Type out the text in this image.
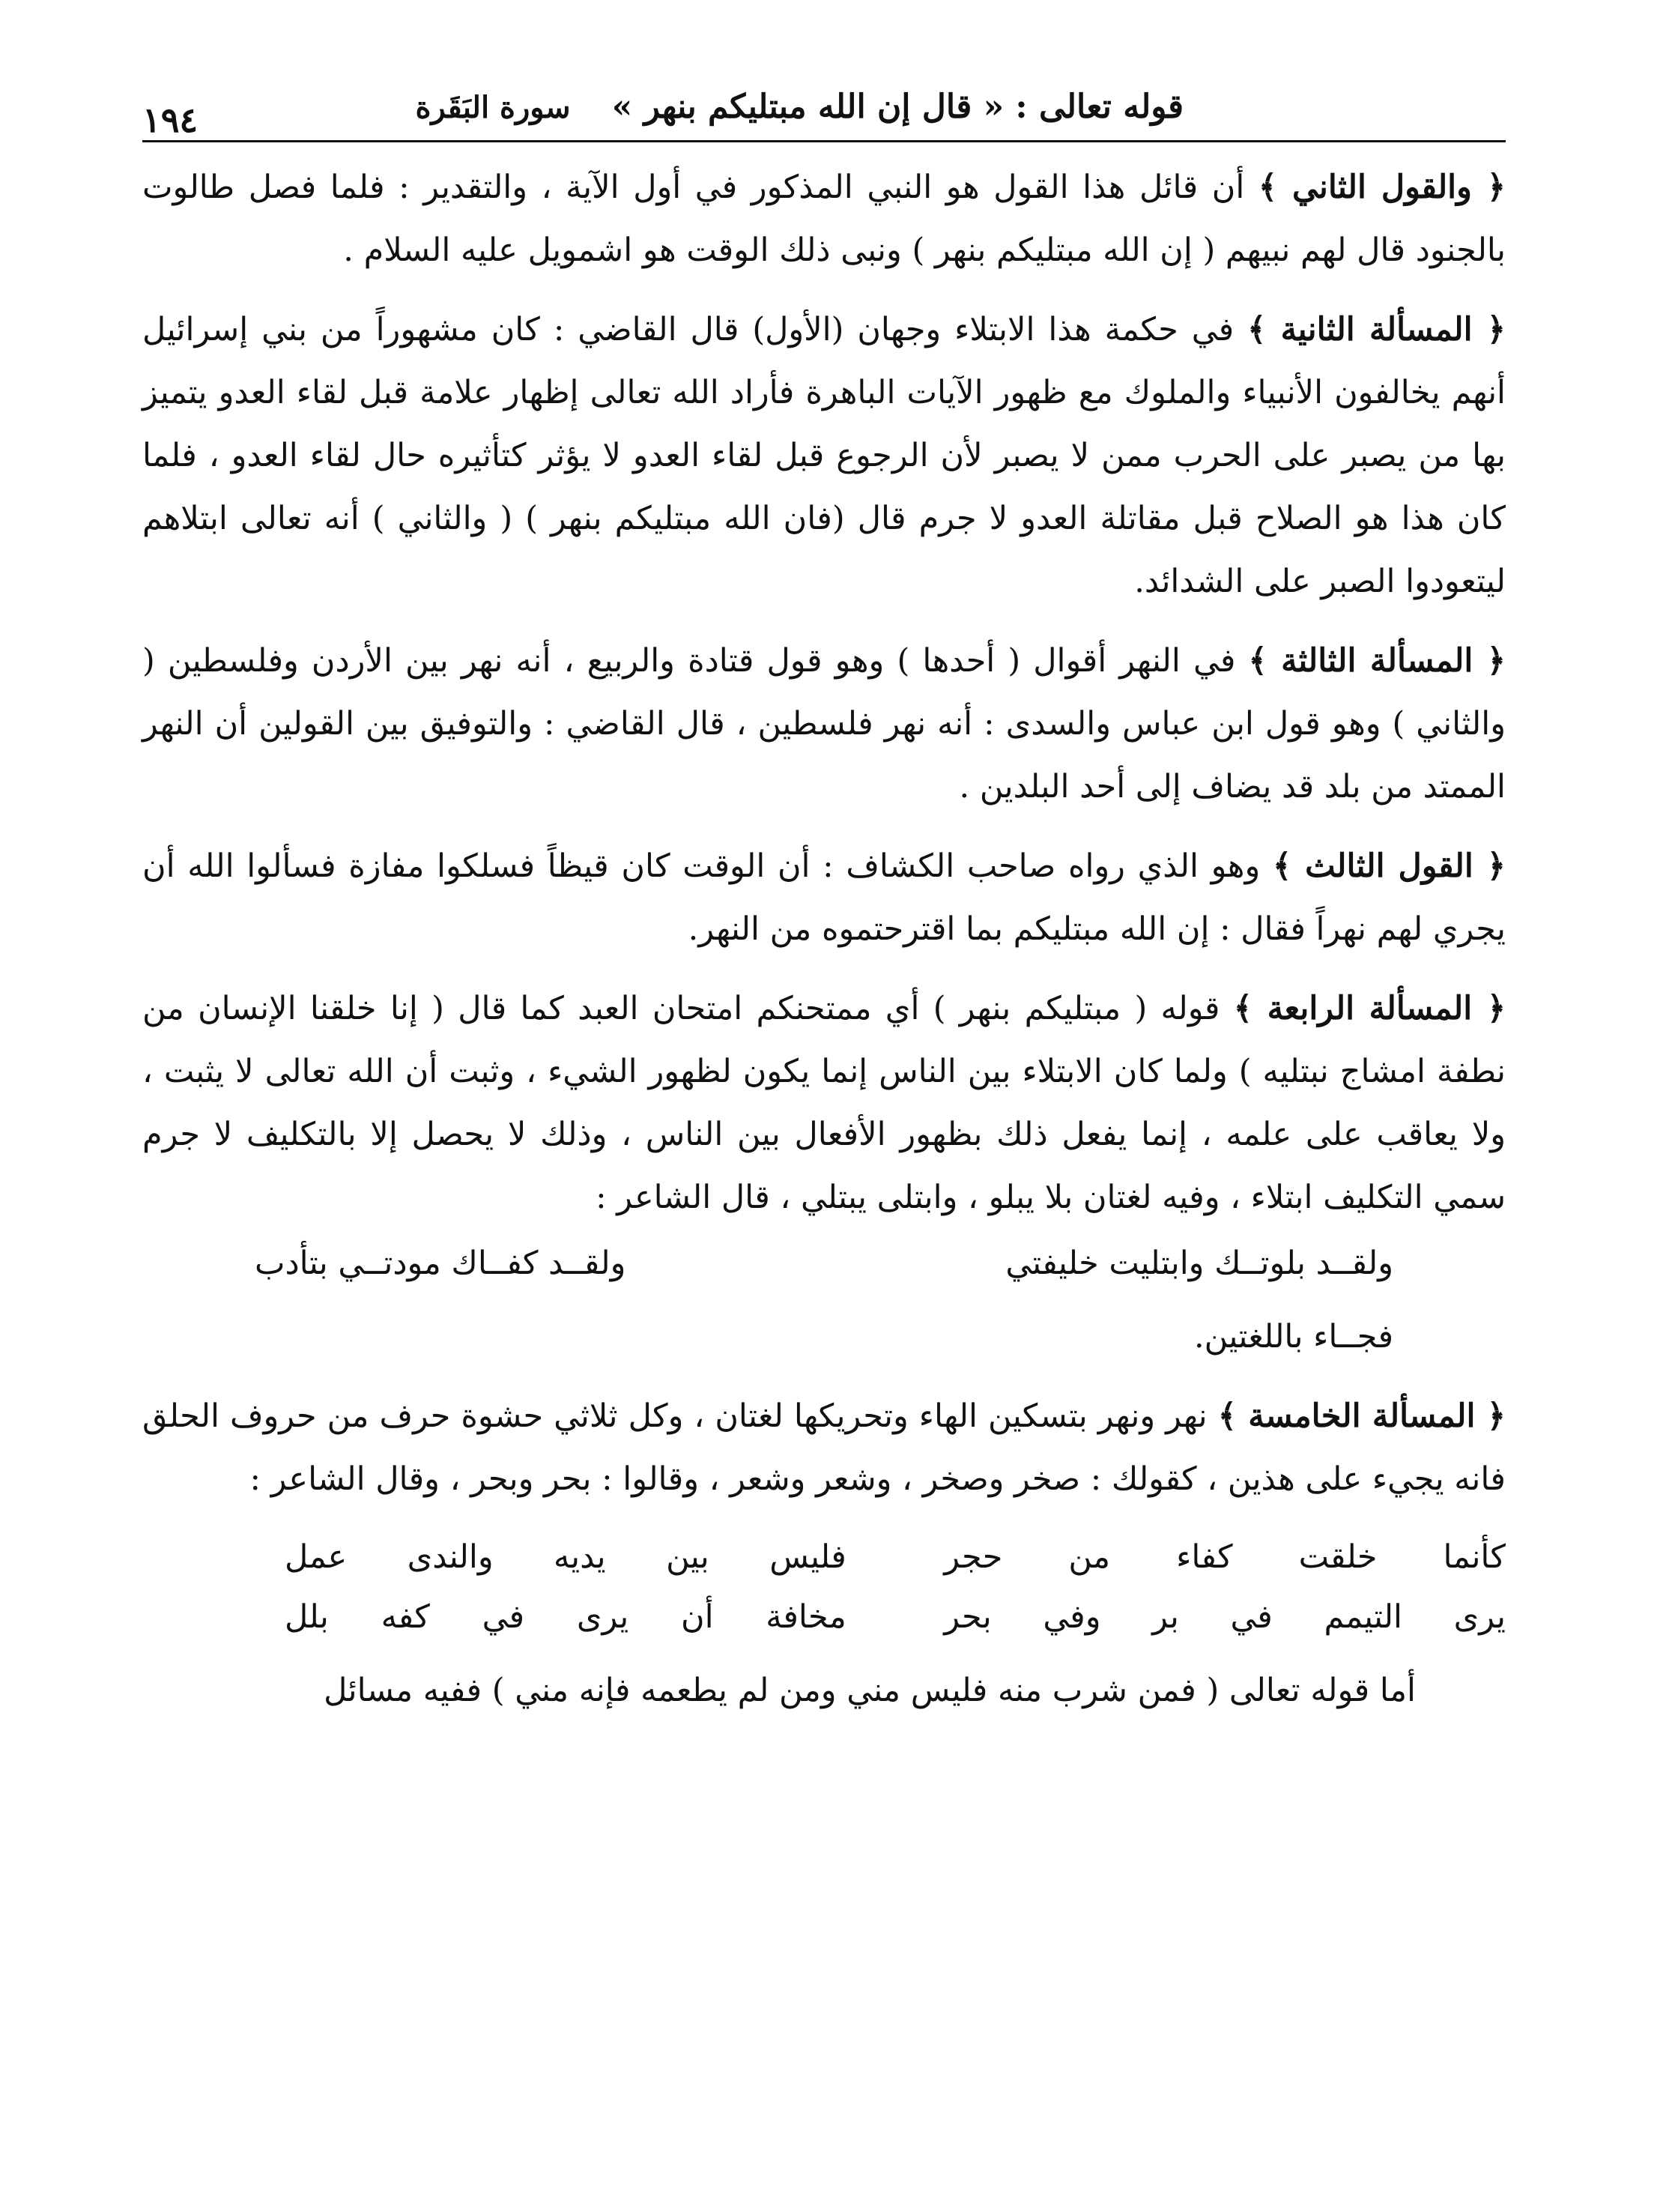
قوله تعالى : « قال إن الله مبتليكم بنهر » سورة البَقَرة
١٩٤

﴿ والقول الثاني ﴾ أن قائل هذا القول هو النبي المذكور في أول الآية ، والتقدير : فلما فصل طالوت بالجنود قال لهم نبيهم ( إن الله مبتليكم بنهر ) ونبى ذلك الوقت هو اشمويل عليه السلام .

﴿ المسألة الثانية ﴾ في حكمة هذا الابتلاء وجهان (الأول) قال القاضي : كان مشهوراً من بني إسرائيل أنهم يخالفون الأنبياء والملوك مع ظهور الآيات الباهرة فأراد الله تعالى إظهار علامة قبل لقاء العدو يتميز بها من يصبر على الحرب ممن لا يصبر لأن الرجوع قبل لقاء العدو لا يؤثر كتأثيره حال لقاء العدو ، فلما كان هذا هو الصلاح قبل مقاتلة العدو لا جرم قال (فان الله مبتليكم بنهر ) ( والثاني ) أنه تعالى ابتلاهم ليتعودوا الصبر على الشدائد.

﴿ المسألة الثالثة ﴾ في النهر أقوال ( أحدها ) وهو قول قتادة والربيع ، أنه نهر بين الأردن وفلسطين ( والثاني ) وهو قول ابن عباس والسدى : أنه نهر فلسطين ، قال القاضي : والتوفيق بين القولين أن النهر الممتد من بلد قد يضاف إلى أحد البلدين .

﴿ القول الثالث ﴾ وهو الذي رواه صاحب الكشاف : أن الوقت كان قيظاً فسلكوا مفازة فسألوا الله أن يجري لهم نهراً فقال : إن الله مبتليكم بما اقترحتموه من النهر.

﴿ المسألة الرابعة ﴾ قوله ( مبتليكم بنهر ) أي ممتحنكم امتحان العبد كما قال ( إنا خلقنا الإنسان من نطفة امشاج نبتليه ) ولما كان الابتلاء بين الناس إنما يكون لظهور الشيء ، وثبت أن الله تعالى لا يثبت ، ولا يعاقب على علمه ، إنما يفعل ذلك بظهور الأفعال بين الناس ، وذلك لا يحصل إلا بالتكليف لا جرم سمي التكليف ابتلاء ، وفيه لغتان بلا يبلو ، وابتلى يبتلي ، قال الشاعر :

ولقــد بلوتــك وابتليت خليفتي
ولقــد كفــاك مودتــي بتأدب
فجــاء باللغتين.

﴿ المسألة الخامسة ﴾ نهر ونهر بتسكين الهاء وتحريكها لغتان ، وكل ثلاثي حشوة حرف من حروف الحلق فانه يجيء على هذين ، كقولك : صخر وصخر ، وشعر وشعر ، وقالوا : بحر وبحر ، وقال الشاعر :

كأنما
خلقت
كفاء
من
حجر
فليس
بين
يديه
والندى
عمل
يرى
التيمم
في
بر
وفي
بحر
مخافة
أن
يرى
في
كفه
بلل
أما قوله تعالى ( فمن شرب منه فليس مني ومن لم يطعمه فإنه مني ) ففيه مسائل
